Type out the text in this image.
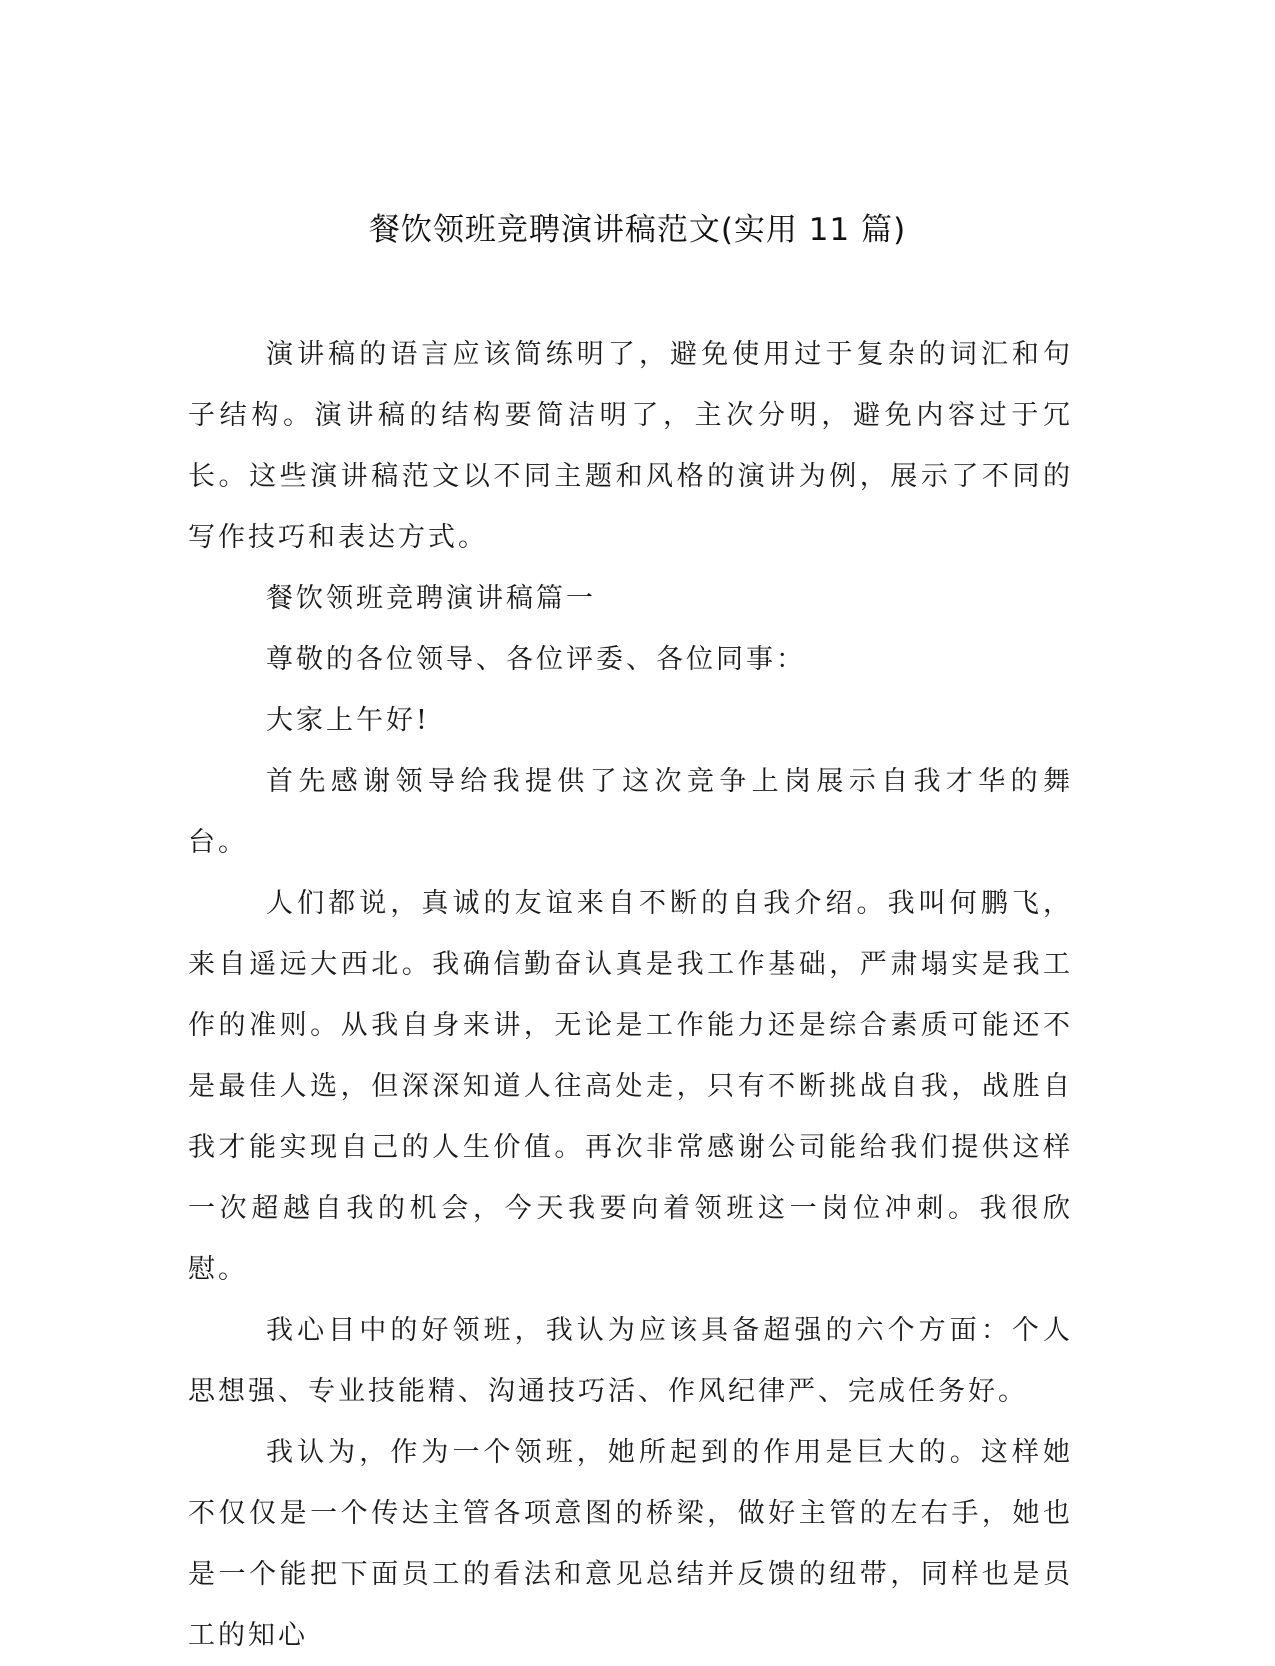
餐饮领班竞聘演讲稿范文(实用 11 篇)

演讲稿的语言应该简练明了，避免使用过于复杂的词汇和句子结构。演讲稿的结构要简洁明了，主次分明，避免内容过于冗长。这些演讲稿范文以不同主题和风格的演讲为例，展示了不同的写作技巧和表达方式。

餐饮领班竞聘演讲稿篇一

尊敬的各位领导、各位评委、各位同事：

大家上午好!

首先感谢领导给我提供了这次竞争上岗展示自我才华的舞台。

人们都说，真诚的友谊来自不断的自我介绍。我叫何鹏飞，来自遥远大西北。我确信勤奋认真是我工作基础，严肃塌实是我工作的准则。从我自身来讲，无论是工作能力还是综合素质可能还不是最佳人选，但深深知道人往高处走，只有不断挑战自我，战胜自我才能实现自己的人生价值。再次非常感谢公司能给我们提供这样一次超越自我的机会，今天我要向着领班这一岗位冲刺。我很欣慰。

我心目中的好领班，我认为应该具备超强的六个方面：个人思想强、专业技能精、沟通技巧活、作风纪律严、完成任务好。

我认为，作为一个领班，她所起到的作用是巨大的。这样她不仅仅是一个传达主管各项意图的桥梁，做好主管的左右手，她也是一个能把下面员工的看法和意见总结并反馈的纽带，同样也是员工的知心
